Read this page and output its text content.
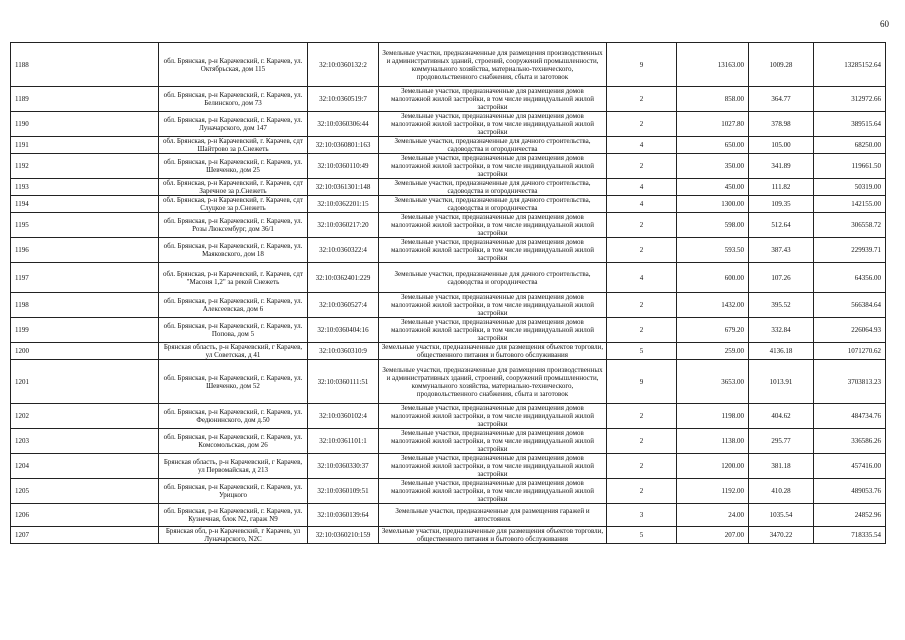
60
1188	обл. Брянская, р-н Карачевский, г. Карачев, ул. Октябрьская, дом 115	32:10:0360132:2	Земельные участки, предназначенные для размещения производственных и административных зданий, строений, сооружений промышленности, коммунального хозяйства, материально-технического, продовольственного снабжения, сбыта и заготовок	9	13163.00	1009.28	13285152.64
1189	обл. Брянская, р-н Карачевский, г. Карачев, ул. Белинского, дом 73	32:10:0360519:7	Земельные участки, предназначенные для размещения домов малоэтажной жилой застройки, в том числе индивидуальной жилой застройки	2	858.00	364.77	312972.66
1190	обл. Брянская, р-н Карачевский, г. Карачев, ул. Луначарского, дом 147	32:10:0360306:44	Земельные участки, предназначенные для размещения домов малоэтажной жилой застройки, в том числе индивидуальной жилой застройки	2	1027.80	378.98	389515.64
1191	обл. Брянская, р-н Карачевский, г. Карачев, сдт Шайтрово за р.Снежеть	32:10:0360801:163	Земельные участки, предназначенные для дачного строительства, садоводства и огородничества	4	650.00	105.00	68250.00
1192	обл. Брянская, р-н Карачевский, г. Карачев, ул. Шевченко, дом 25	32:10:0360110:49	Земельные участки, предназначенные для размещения домов малоэтажной жилой застройки, в том числе индивидуальной жилой застройки	2	350.00	341.89	119661.50
1193	обл. Брянская, р-н Карачевский, г. Карачев, сдт Заречное за р.Снежеть	32:10:0361301:148	Земельные участки, предназначенные для дачного строительства, садоводства и огородничества	4	450.00	111.82	50319.00
1194	обл. Брянская, р-н Карачевский, г. Карачев, сдт Слуцкое за р.Снежеть	32:10:0362201:15	Земельные участки, предназначенные для дачного строительства, садоводства и огородничества	4	1300.00	109.35	142155.00
1195	обл. Брянская, р-н Карачевский, г. Карачев, ул. Розы Люксембург, дом 36/1	32:10:0360217:20	Земельные участки, предназначенные для размещения домов малоэтажной жилой застройки, в том числе индивидуальной жилой застройки	2	598.00	512.64	306558.72
1196	обл. Брянская, р-н Карачевский, г. Карачев, ул. Маяковского, дом 18	32:10:0360322:4	Земельные участки, предназначенные для размещения домов малоэтажной жилой застройки, в том числе индивидуальной жилой застройки	2	593.50	387.43	229939.71
1197	обл. Брянская, р-н Карачевский, г. Карачев, сдт "Масоня 1,2" за рекой Снежеть	32:10:0362401:229	Земельные участки, предназначенные для дачного строительства, садоводства и огородничества	4	600.00	107.26	64356.00
1198	обл. Брянская, р-н Карачевский, г. Карачев, ул. Алексеевская, дом 6	32:10:0360527:4	Земельные участки, предназначенные для размещения домов малоэтажной жилой застройки, в том числе индивидуальной жилой застройки	2	1432.00	395.52	566384.64
1199	обл. Брянская, р-н Карачевский, г. Карачев, ул. Попова, дом 5	32:10:0360404:16	Земельные участки, предназначенные для размещения домов малоэтажной жилой застройки, в том числе индивидуальной жилой застройки	2	679.20	332.84	226064.93
1200	Брянская область, р-н Карачевский, г Карачев, ул Советская, д 41	32:10:0360310:9	Земельные участки, предназначенные для размещения объектов торговли, общественного питания и бытового обслуживания	5	259.00	4136.18	1071270.62
1201	обл. Брянская, р-н Карачевский, г. Карачев, ул. Шевченко, дом 52	32:10:0360111:51	Земельные участки, предназначенные для размещения производственных и административных зданий, строений, сооружений промышленности, коммунального хозяйства, материально-технического, продовольственного снабжения, сбыта и заготовок	9	3653.00	1013.91	3703813.23
1202	обл. Брянская, р-н Карачевский, г. Карачев, ул. Федюнинского, дом д.50	32:10:0360102:4	Земельные участки, предназначенные для размещения домов малоэтажной жилой застройки, в том числе индивидуальной жилой застройки	2	1198.00	404.62	484734.76
1203	обл. Брянская, р-н Карачевский, г. Карачев, ул. Комсомольская, дом 26	32:10:0361101:1	Земельные участки, предназначенные для размещения домов малоэтажной жилой застройки, в том числе индивидуальной жилой застройки	2	1138.00	295.77	336586.26
1204	Брянская область, р-н Карачевский, г Карачев, ул Первомайская, д 213	32:10:0360330:37	Земельные участки, предназначенные для размещения домов малоэтажной жилой застройки, в том числе индивидуальной жилой застройки	2	1200.00	381.18	457416.00
1205	обл. Брянская, р-н Карачевский, г. Карачев, ул. Урицкого	32:10:0360109:51	Земельные участки, предназначенные для размещения домов малоэтажной жилой застройки, в том числе индивидуальной жилой застройки	2	1192.00	410.28	489053.76
1206	обл. Брянская, р-н Карачевский, г. Карачев, ул. Кузнечная, блок N2, гараж N9	32:10:0360139:64	Земельные участки, предназначенные для размещения гаражей и автостоянок	3	24.00	1035.54	24852.96
1207	Брянская обл, р-н Карачевский, г Карачев, ул Луначарского, N2С	32:10:0360210:159	Земельные участки, предназначенные для размещения объектов торговли, общественного питания и бытового обслуживания	5	207.00	3470.22	718335.54
